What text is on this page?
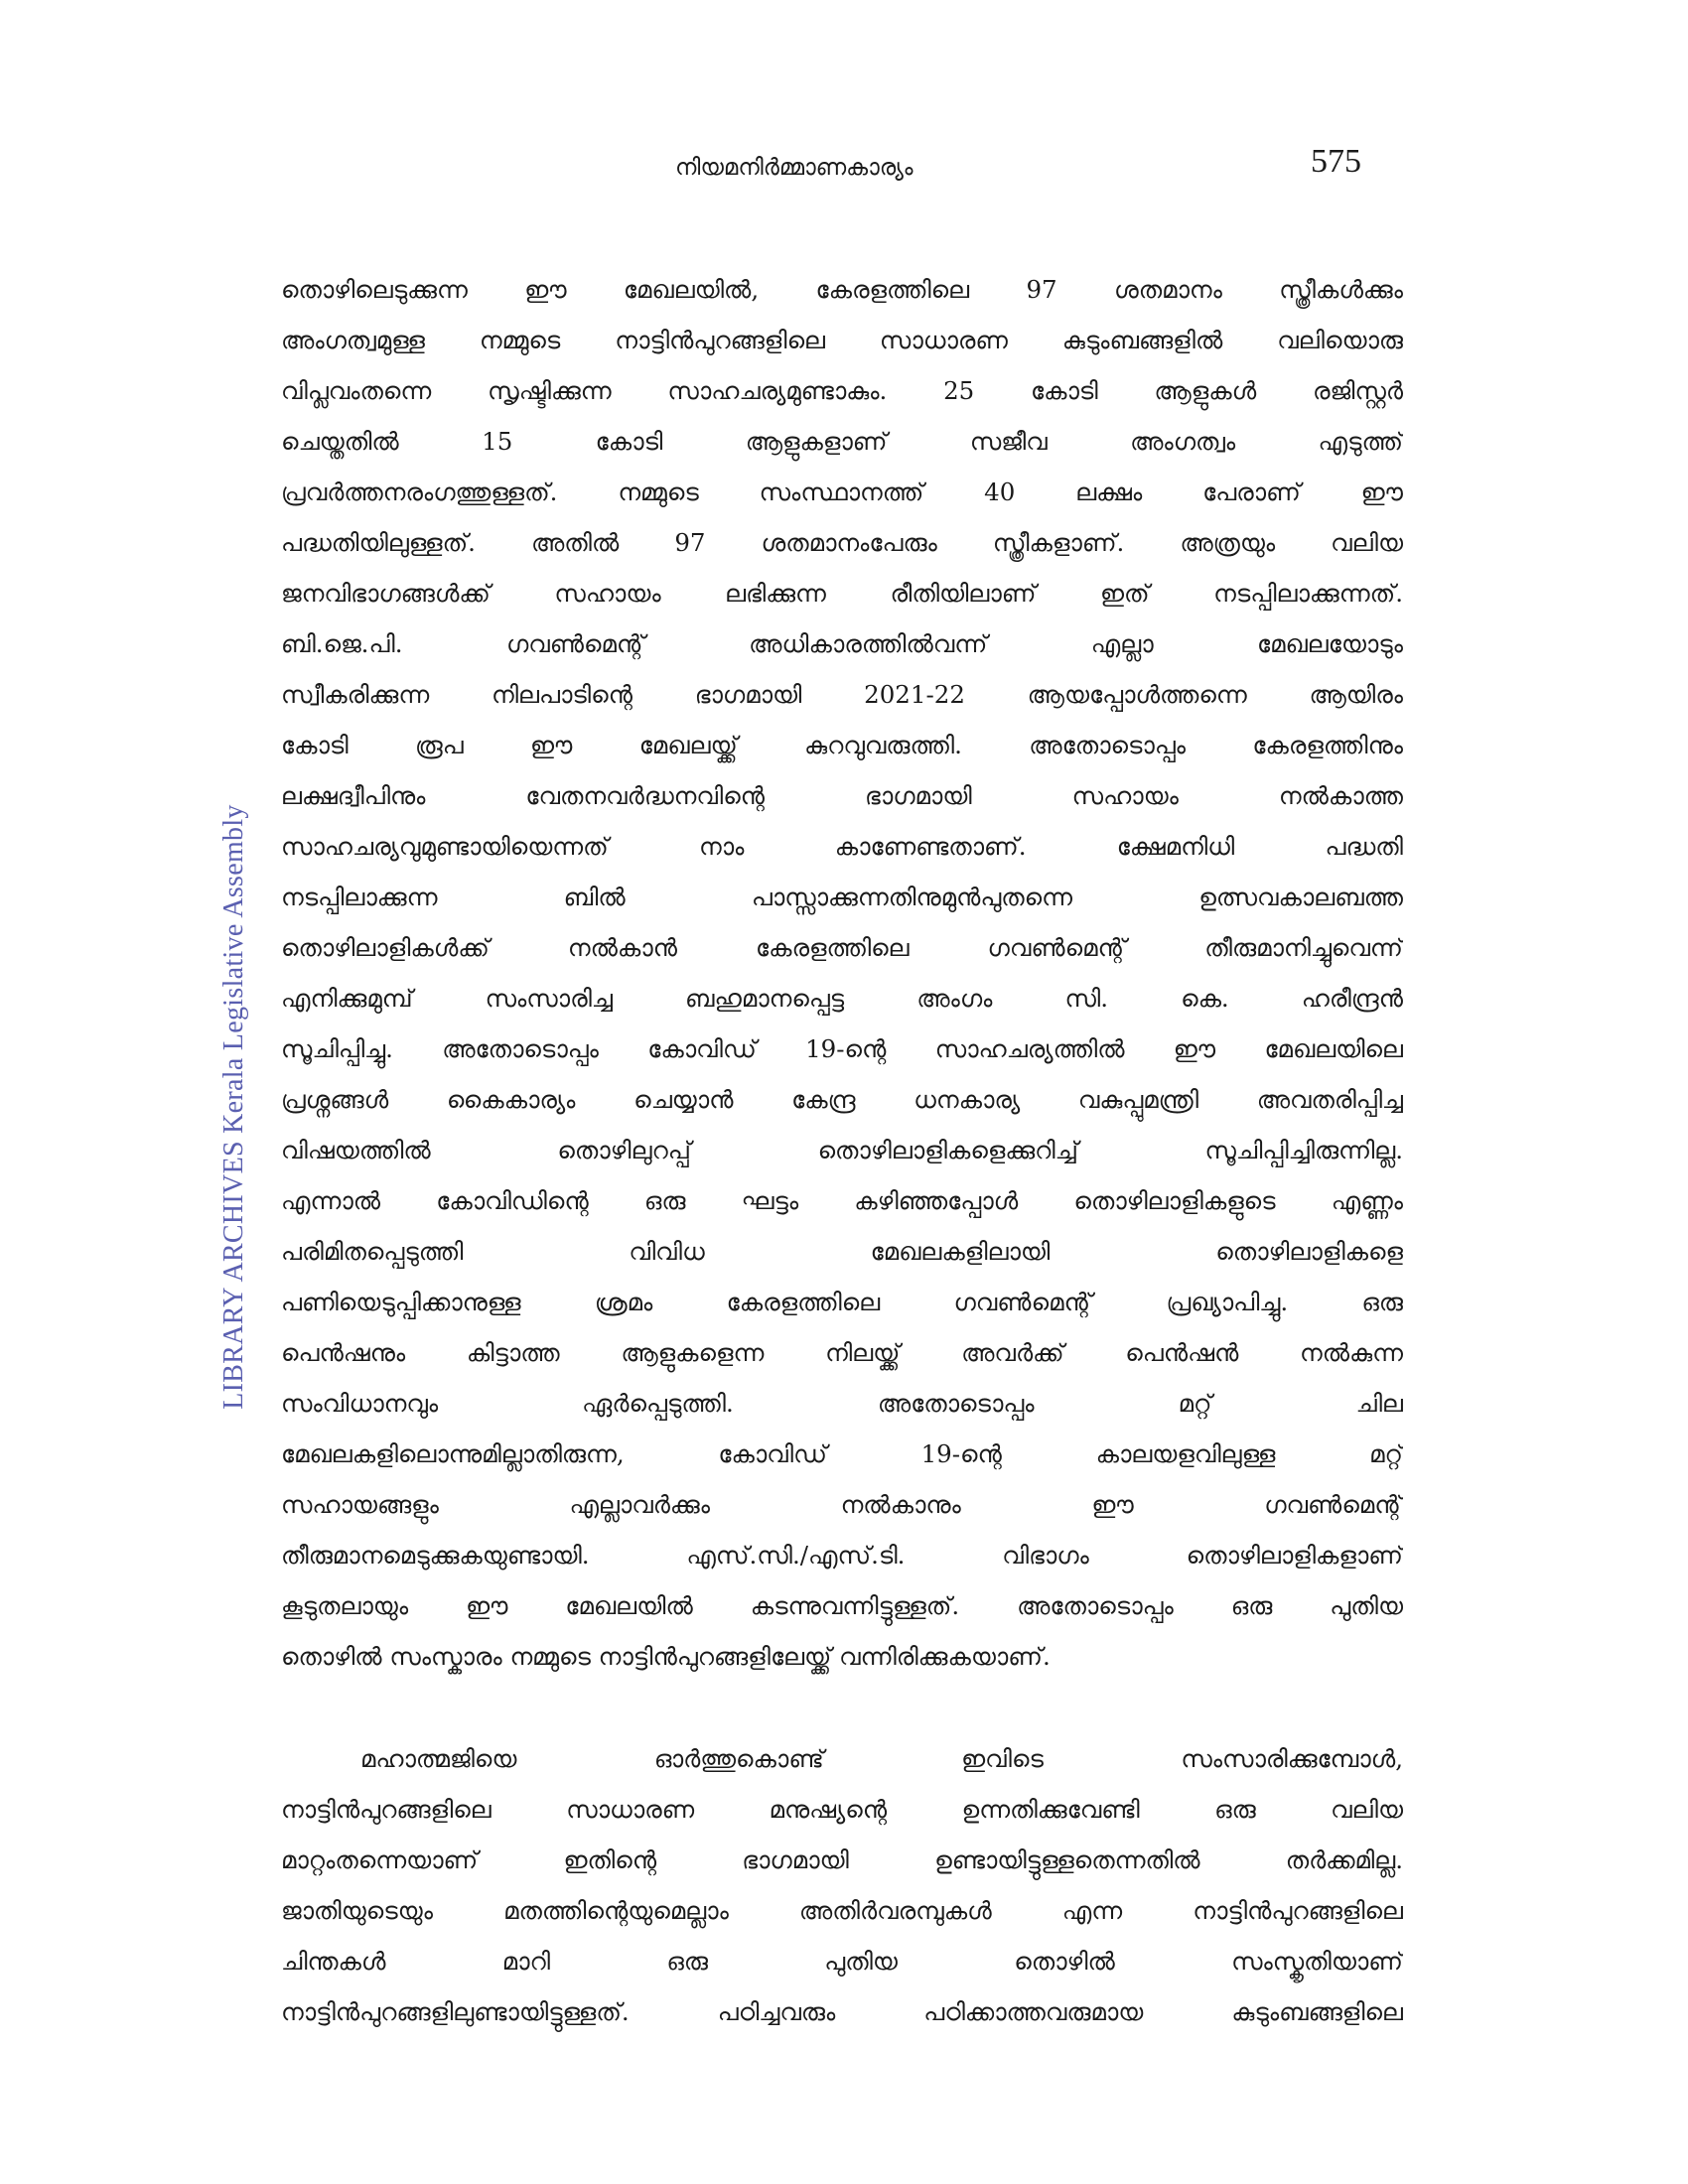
നിയമനിർമ്മാണകാര്യം	575
LIBRARY ARCHIVES Kerala Legislative Assembly
തൊഴിലെടുക്കുന്ന ഈ മേഖലയിൽ, കേരളത്തിലെ 97 ശതമാനം സ്ത്രീകൾക്കും
അംഗത്വമുള്ള നമ്മുടെ നാട്ടിൻപുറങ്ങളിലെ സാധാരണ കുടുംബങ്ങളിൽ വലിയൊരു
വിപ്ലവംതന്നെ സൃഷ്ടിക്കുന്ന സാഹചര്യമുണ്ടാകും. 25 കോടി ആളുകൾ രജിസ്റ്റർ
ചെയ്തതിൽ 15 കോടി ആളുകളാണ് സജീവ അംഗത്വം എടുത്ത്
പ്രവർത്തനരംഗത്തുള്ളത്. നമ്മുടെ സംസ്ഥാനത്ത് 40 ലക്ഷം പേരാണ് ഈ
പദ്ധതിയിലുള്ളത്. അതിൽ 97 ശതമാനംപേരും സ്ത്രീകളാണ്. അത്രയും വലിയ
ജനവിഭാഗങ്ങൾക്ക് സഹായം ലഭിക്കുന്ന രീതിയിലാണ് ഇത് നടപ്പിലാക്കുന്നത്.
ബി.ജെ.പി. ഗവൺമെന്റ് അധികാരത്തിൽവന്ന് എല്ലാ മേഖലയോടും
സ്വീകരിക്കുന്ന നിലപാടിന്റെ ഭാഗമായി 2021-22 ആയപ്പോൾത്തന്നെ ആയിരം
കോടി രൂപ ഈ മേഖലയ്ക്ക് കുറവുവരുത്തി. അതോടൊപ്പം കേരളത്തിനും
ലക്ഷദ്വീപിനും വേതനവർദ്ധനവിന്റെ ഭാഗമായി സഹായം നൽകാത്ത
സാഹചര്യവുമുണ്ടായിയെന്നത് നാം കാണേണ്ടതാണ്. ക്ഷേമനിധി പദ്ധതി
നടപ്പിലാക്കുന്ന ബിൽ പാസ്സാക്കുന്നതിനുമുൻപുതന്നെ ഉത്സവകാലബത്ത
തൊഴിലാളികൾക്ക് നൽകാൻ കേരളത്തിലെ ഗവൺമെന്റ് തീരുമാനിച്ചുവെന്ന്
എനിക്കുമുമ്പ് സംസാരിച്ച ബഹുമാനപ്പെട്ട അംഗം സി. കെ. ഹരീന്ദ്രൻ
സൂചിപ്പിച്ചു. അതോടൊപ്പം കോവിഡ് 19-ന്റെ സാഹചര്യത്തിൽ ഈ മേഖലയിലെ
പ്രശ്നങ്ങൾ കൈകാര്യം ചെയ്യാൻ കേന്ദ്ര ധനകാര്യ വകുപ്പുമന്ത്രി അവതരിപ്പിച്ച
വിഷയത്തിൽ തൊഴിലുറപ്പ് തൊഴിലാളികളെക്കുറിച്ച് സൂചിപ്പിച്ചിരുന്നില്ല.
എന്നാൽ കോവിഡിന്റെ ഒരു ഘട്ടം കഴിഞ്ഞപ്പോൾ തൊഴിലാളികളുടെ എണ്ണം
പരിമിതപ്പെടുത്തി വിവിധ മേഖലകളിലായി തൊഴിലാളികളെ
പണിയെടുപ്പിക്കാനുള്ള ശ്രമം കേരളത്തിലെ ഗവൺമെന്റ് പ്രഖ്യാപിച്ചു. ഒരു
പെൻഷനും കിട്ടാത്ത ആളുകളെന്ന നിലയ്ക്ക് അവർക്ക് പെൻഷൻ നൽകുന്ന
സംവിധാനവും ഏർപ്പെടുത്തി. അതോടൊപ്പം മറ്റ് ചില
മേഖലകളിലൊന്നുമില്ലാതിരുന്ന, കോവിഡ് 19-ന്റെ കാലയളവിലുള്ള മറ്റ്
സഹായങ്ങളും എല്ലാവർക്കും നൽകാനും ഈ ഗവൺമെന്റ്
തീരുമാനമെടുക്കുകയുണ്ടായി. എസ്.സി./എസ്.ടി. വിഭാഗം തൊഴിലാളികളാണ്
കൂടുതലായും ഈ മേഖലയിൽ കടന്നുവന്നിട്ടുള്ളത്. അതോടൊപ്പം ഒരു പുതിയ
തൊഴിൽ സംസ്കാരം നമ്മുടെ നാട്ടിൻപുറങ്ങളിലേയ്ക്ക് വന്നിരിക്കുകയാണ്.
മഹാത്മജിയെ ഓർത്തുകൊണ്ട് ഇവിടെ സംസാരിക്കുമ്പോൾ,
നാട്ടിൻപുറങ്ങളിലെ സാധാരണ മനുഷ്യന്റെ ഉന്നതിക്കുവേണ്ടി ഒരു വലിയ
മാറ്റംതന്നെയാണ് ഇതിന്റെ ഭാഗമായി ഉണ്ടായിട്ടുള്ളതെന്നതിൽ തർക്കമില്ല.
ജാതിയുടെയും മതത്തിന്റെയുമെല്ലാം അതിർവരമ്പുകൾ എന്ന നാട്ടിൻപുറങ്ങളിലെ
ചിന്തകൾ മാറി ഒരു പുതിയ തൊഴിൽ സംസ്കൃതിയാണ്
നാട്ടിൻപുറങ്ങളിലുണ്ടായിട്ടുള്ളത്. പഠിച്ചവരും പഠിക്കാത്തവരുമായ കുടുംബങ്ങളിലെ
